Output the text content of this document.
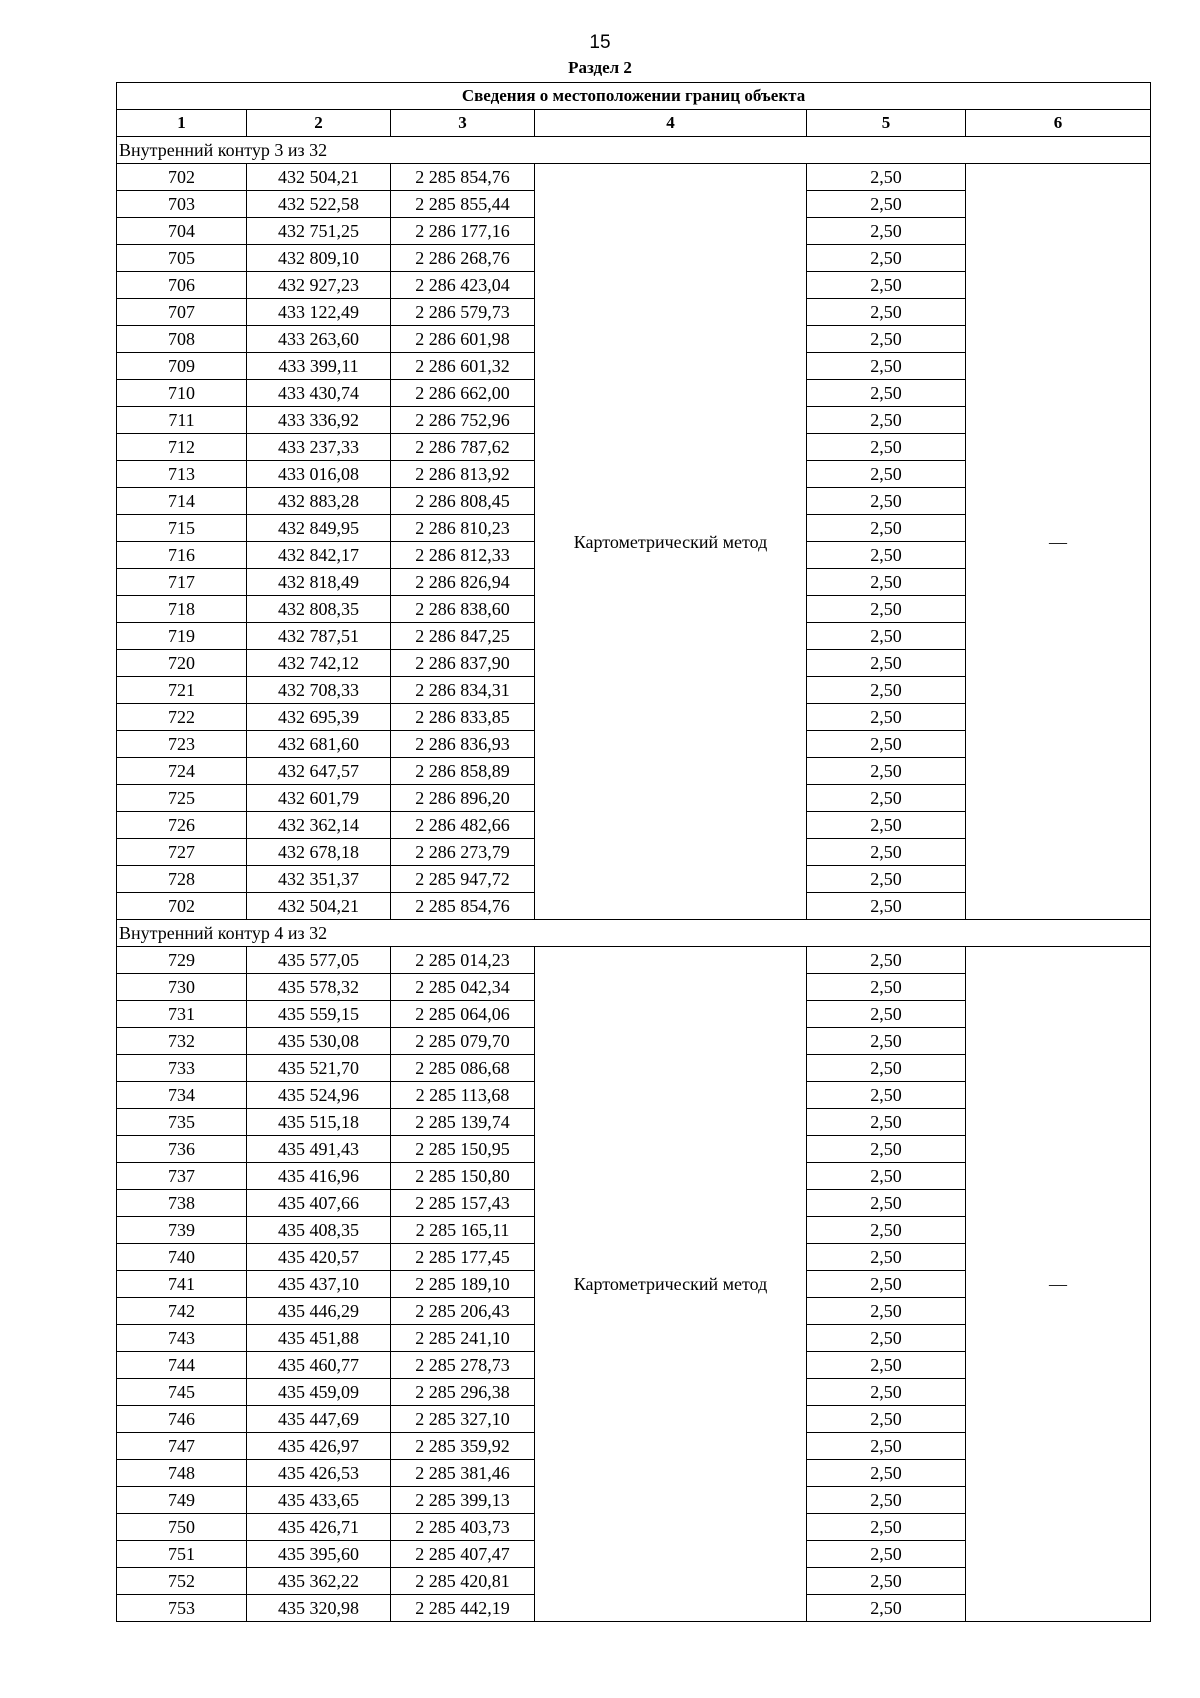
15
Раздел 2
Сведения о местоположении границ объекта					
1	2	3	4	5	6
Внутренний контур 3 из 32					
702	432 504,21	2 285 854,76	Картометрический метод	2,50	—
703	432 522,58	2 285 855,44		2,50	
704	432 751,25	2 286 177,16		2,50	
705	432 809,10	2 286 268,76		2,50	
706	432 927,23	2 286 423,04		2,50	
707	433 122,49	2 286 579,73		2,50	
708	433 263,60	2 286 601,98		2,50	
709	433 399,11	2 286 601,32		2,50	
710	433 430,74	2 286 662,00		2,50	
711	433 336,92	2 286 752,96		2,50	
712	433 237,33	2 286 787,62		2,50	
713	433 016,08	2 286 813,92		2,50	
714	432 883,28	2 286 808,45		2,50	
715	432 849,95	2 286 810,23		2,50	
716	432 842,17	2 286 812,33		2,50	
717	432 818,49	2 286 826,94		2,50	
718	432 808,35	2 286 838,60		2,50	
719	432 787,51	2 286 847,25		2,50	
720	432 742,12	2 286 837,90		2,50	
721	432 708,33	2 286 834,31		2,50	
722	432 695,39	2 286 833,85		2,50	
723	432 681,60	2 286 836,93		2,50	
724	432 647,57	2 286 858,89		2,50	
725	432 601,79	2 286 896,20		2,50	
726	432 362,14	2 286 482,66		2,50	
727	432 678,18	2 286 273,79		2,50	
728	432 351,37	2 285 947,72		2,50	
702	432 504,21	2 285 854,76		2,50	
Внутренний контур 4 из 32					
729	435 577,05	2 285 014,23	Картометрический метод	2,50	—
730	435 578,32	2 285 042,34		2,50	
731	435 559,15	2 285 064,06		2,50	
732	435 530,08	2 285 079,70		2,50	
733	435 521,70	2 285 086,68		2,50	
734	435 524,96	2 285 113,68		2,50	
735	435 515,18	2 285 139,74		2,50	
736	435 491,43	2 285 150,95		2,50	
737	435 416,96	2 285 150,80		2,50	
738	435 407,66	2 285 157,43		2,50	
739	435 408,35	2 285 165,11		2,50	
740	435 420,57	2 285 177,45		2,50	
741	435 437,10	2 285 189,10		2,50	
742	435 446,29	2 285 206,43		2,50	
743	435 451,88	2 285 241,10		2,50	
744	435 460,77	2 285 278,73		2,50	
745	435 459,09	2 285 296,38		2,50	
746	435 447,69	2 285 327,10		2,50	
747	435 426,97	2 285 359,92		2,50	
748	435 426,53	2 285 381,46		2,50	
749	435 433,65	2 285 399,13		2,50	
750	435 426,71	2 285 403,73		2,50	
751	435 395,60	2 285 407,47		2,50	
752	435 362,22	2 285 420,81		2,50	
753	435 320,98	2 285 442,19		2,50	
